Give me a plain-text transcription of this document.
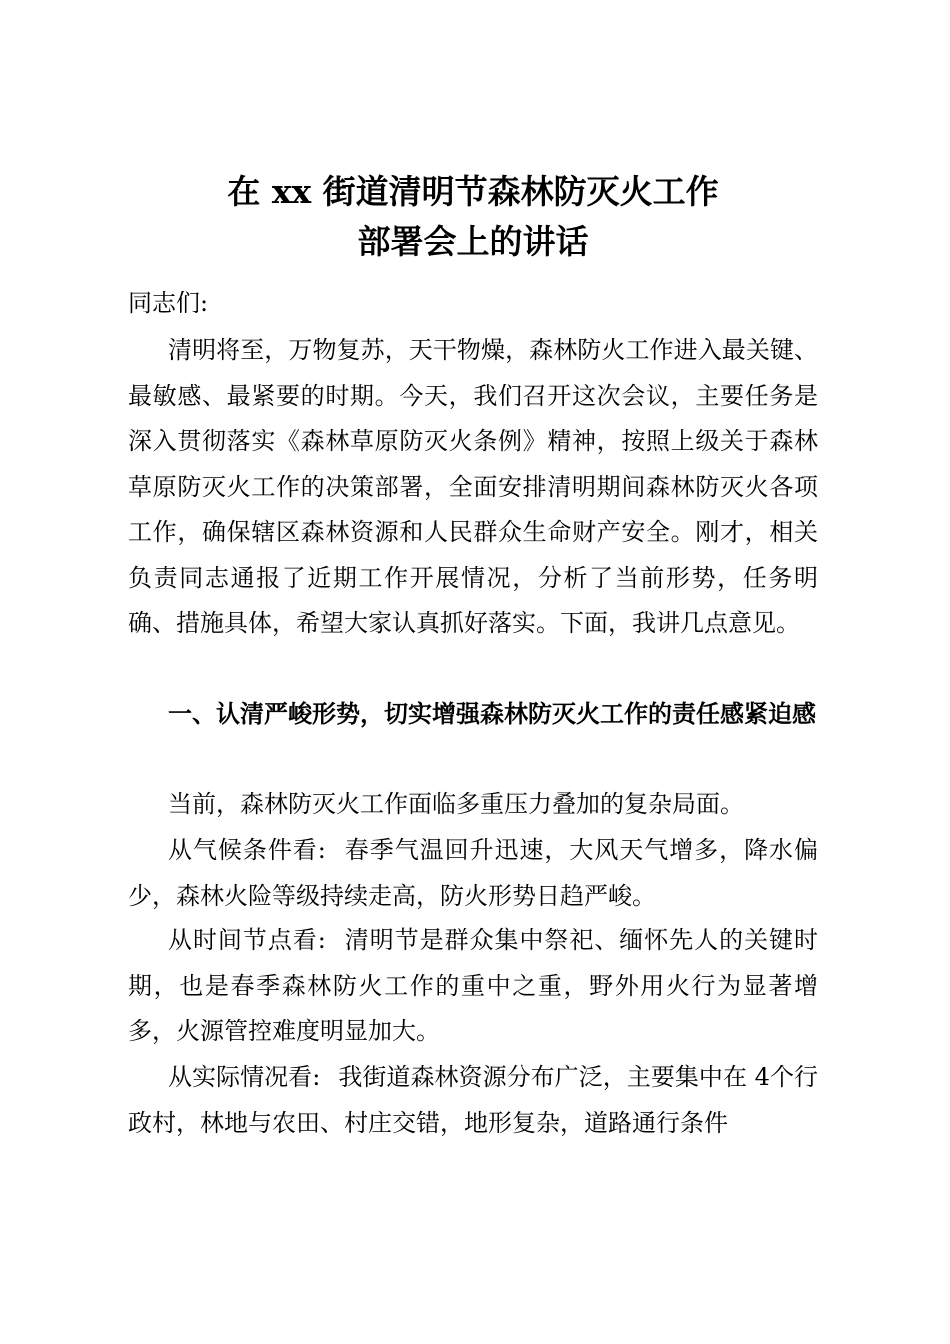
在 xx 街道清明节森林防灭火工作
部署会上的讲话

同志们:

清明将至，万物复苏，天干物燥，森林防火工作进入最关键、最敏感、最紧要的时期。今天，我们召开这次会议，主要任务是深入贯彻落实《森林草原防灭火条例》精神，按照上级关于森林草原防灭火工作的决策部署，全面安排清明期间森林防灭火各项工作，确保辖区森林资源和人民群众生命财产安全。刚才，相关负责同志通报了近期工作开展情况，分析了当前形势，任务明确、措施具体，希望大家认真抓好落实。下面，我讲几点意见。

一、认清严峻形势，切实增强森林防灭火工作的责任感紧迫感

当前，森林防灭火工作面临多重压力叠加的复杂局面。

从气候条件看: 春季气温回升迅速，大风天气增多，降水偏少，森林火险等级持续走高，防火形势日趋严峻。

从时间节点看: 清明节是群众集中祭祀、缅怀先人的关键时期，也是春季森林防火工作的重中之重，野外用火行为显著增多，火源管控难度明显加大。

从实际情况看: 我街道森林资源分布广泛，主要集中在 4个行政村，林地与农田、村庄交错，地形复杂，道路通行条件
